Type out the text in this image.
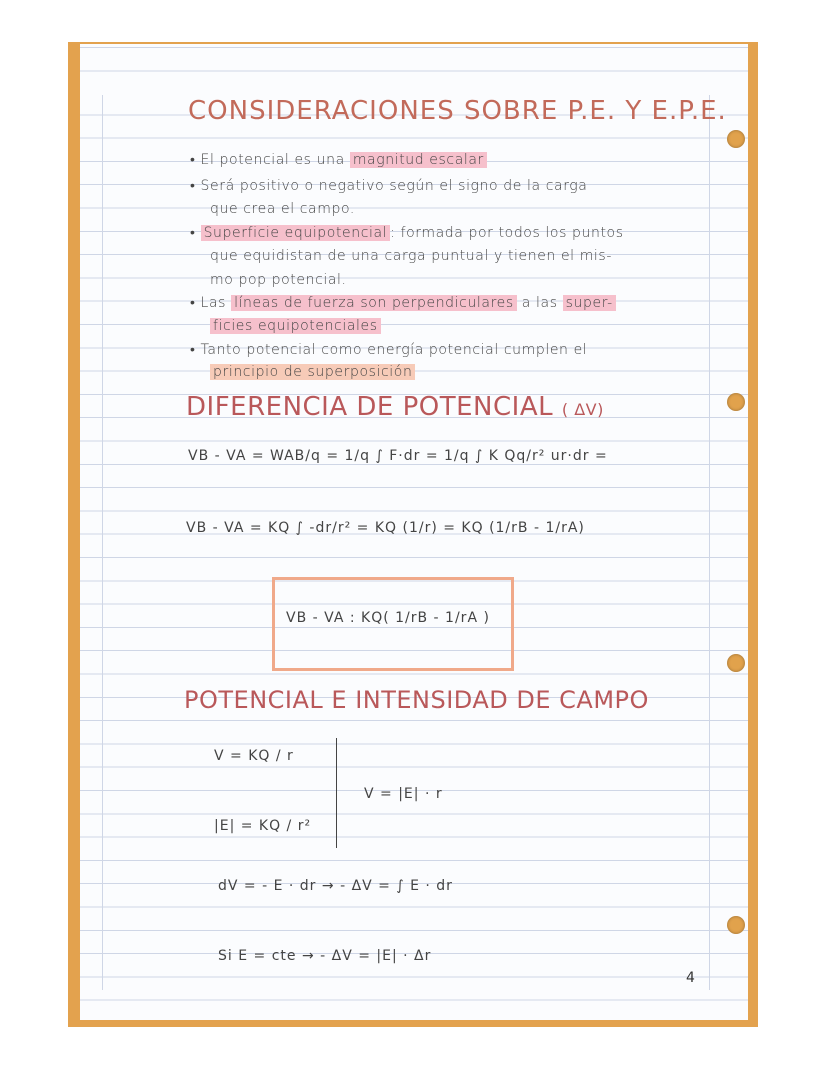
CONSIDERACIONES SOBRE P.E. Y E.P.E.
• El potencial es una magnitud escalar
• Será positivo o negativo según el signo de la carga
que crea el campo.
• Superficie equipotencial : formada por todos los puntos
que equidistan de una carga puntual y tienen el mis-
mo pop potencial.
• Las líneas de fuerza son perpendiculares a las super-
ficies equipotenciales
• Tanto potencial como energía potencial cumplen el
principio de superposición
DIFERENCIA DE POTENCIAL ( ΔV)
VB - VA = WAB/q = 1/q ∫ F·dr = 1/q ∫ K Qq/r² ur·dr =
VB - VA = KQ ∫ -dr/r² = KQ (1/r) = KQ (1/rB - 1/rA)
VB - VA : KQ( 1/rB - 1/rA )
POTENCIAL E INTENSIDAD DE CAMPO
V = KQ / r
|E| = KQ / r²
V = |E| · r
dV = - E · dr → - ΔV = ∫ E · dr
Si E = cte → - ΔV = |E| · Δr
4
